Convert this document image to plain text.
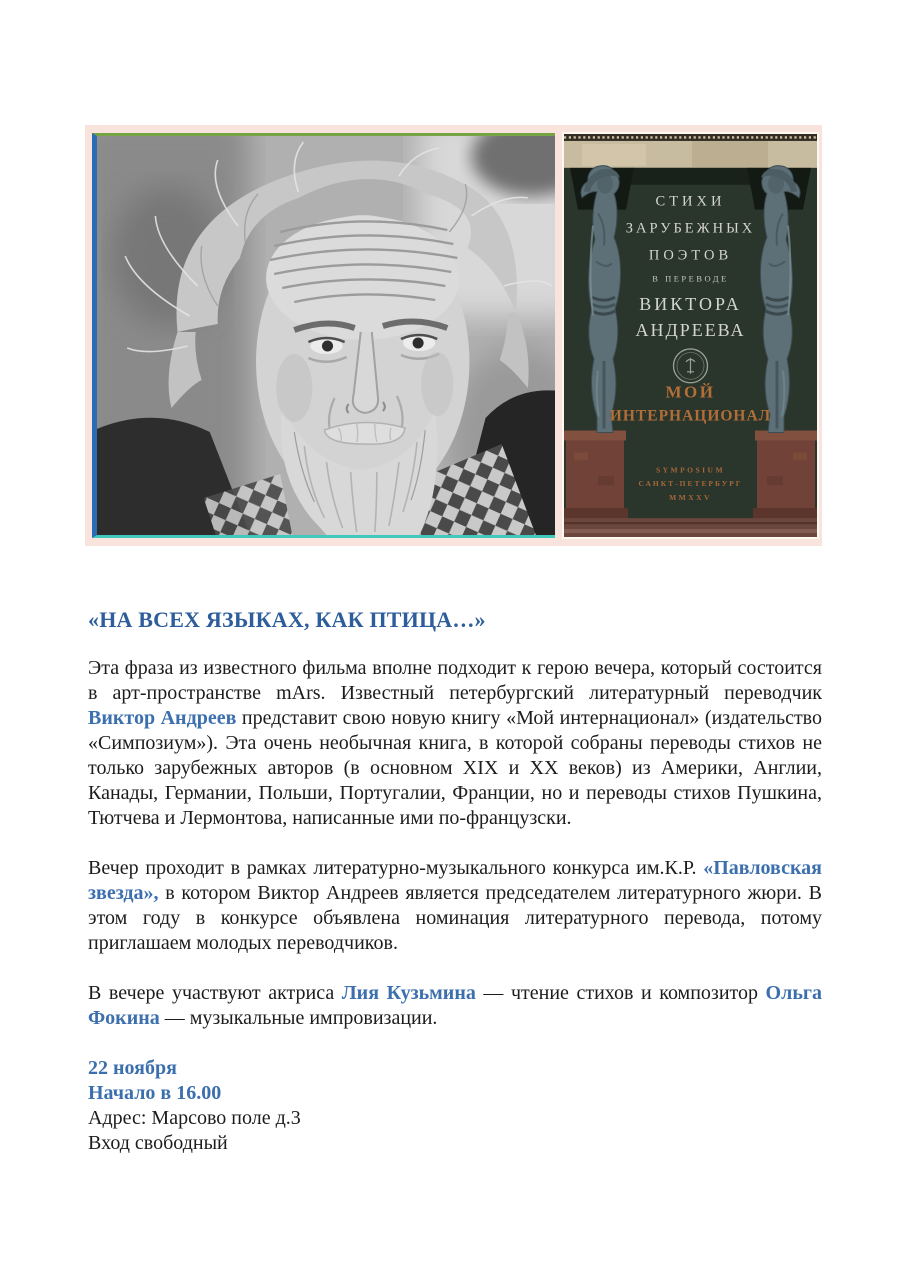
СТИХИ
ЗАРУБЕЖНЫХ
ПОЭТОВ
В ПЕРЕВОДЕ
ВИКТОРА
АНДРЕЕВА
МОЙ
ИНТЕРНАЦИОНАЛ
SYMPOSIUM
САНКТ-ПЕТЕРБУРГ
MMXXV
«НА ВСЕХ ЯЗЫКАХ, КАК ПТИЦА…»

Эта фраза из известного фильма вполне подходит к герою вечера, который состоится в арт-пространстве mArs. Известный петербургский литературный переводчик Виктор Андреев представит свою новую книгу «Мой интернационал» (издательство «Симпозиум»). Эта очень необычная книга, в которой собраны переводы стихов не только зарубежных авторов (в основном XIX и XX веков) из Америки, Англии, Канады, Германии, Польши, Португалии, Франции, но и переводы стихов Пушкина, Тютчева и Лермонтова, написанные ими по-французски.

Вечер проходит в рамках литературно-музыкального конкурса им.К.Р. «Павловская звезда», в котором Виктор Андреев является председателем литературного жюри. В этом году в конкурсе объявлена номинация литературного перевода, потому приглашаем молодых переводчиков.

В вечере участвуют актриса Лия Кузьмина — чтение стихов и композитор Ольга Фокина — музыкальные импровизации.

22 ноября

Начало в 16.00

Адрес: Марсово поле д.3

Вход свободный
